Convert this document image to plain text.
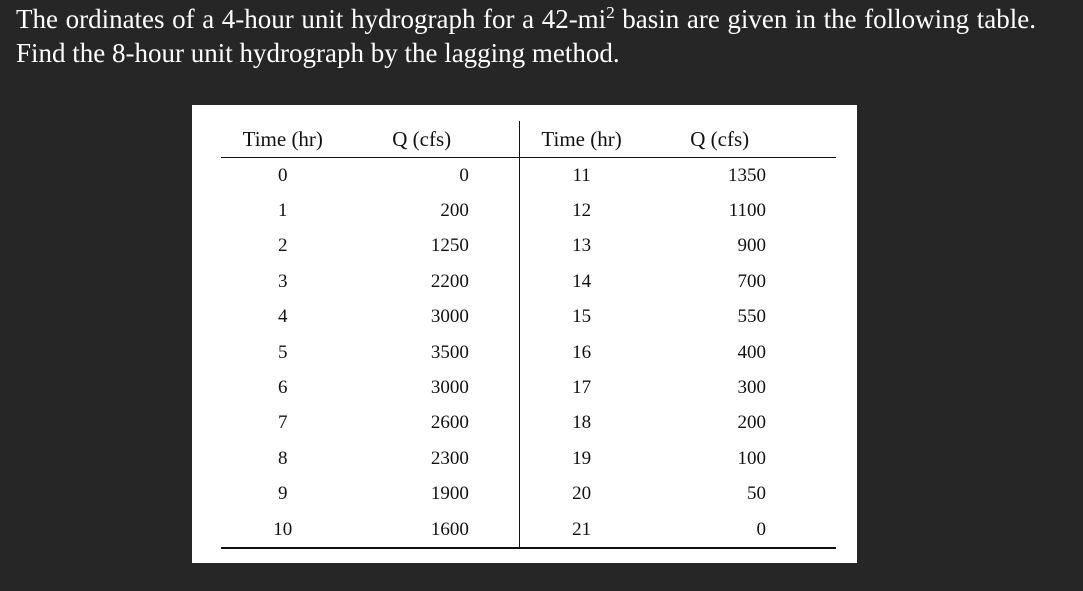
The ordinates of a 4-hour unit hydrograph for a $42-mi^2$ basin are given in the following table. Find the 8-hour unit hydrograph by the lagging method.

Time (hr)	Q (cfs)	Time (hr)	Q (cfs)
0	0	11	1350
1	200	12	1100
2	1250	13	900
3	2200	14	700
4	3000	15	550
5	3500	16	400
6	3000	17	300
7	2600	18	200
8	2300	19	100
9	1900	20	50
10	1600	21	0
